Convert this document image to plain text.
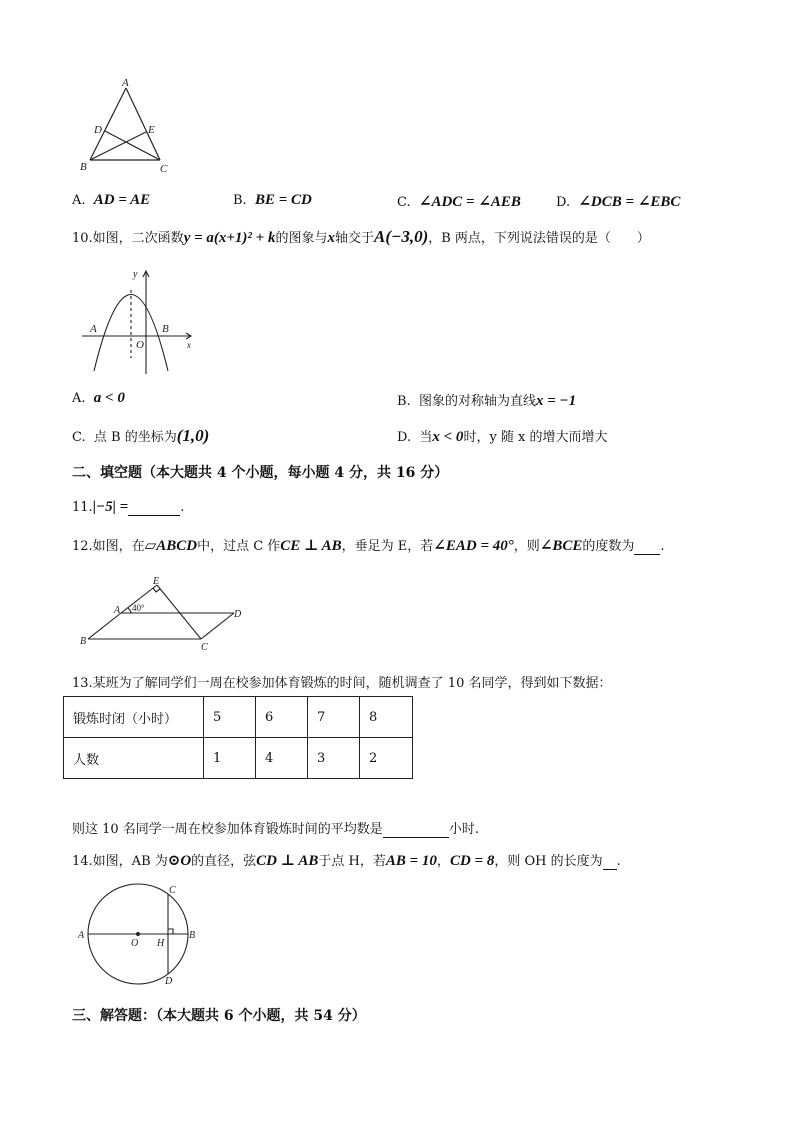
A
D	E
B	C
A. AD = AE	B. BE = CD	C. ∠ADC = ∠AEB	D. ∠DCB = ∠EBC
10.如图，二次函数y = a(x+1)² + k的图象与x轴交于A(−3,0)，B 两点，下列说法错误的是（　　）
y
x
A	B
O
A. a < 0	B. 图象的对称轴为直线x = −1
C. 点 B 的坐标为(1,0)	D. 当x < 0时，y 随 x 的增大而增大
二、填空题（本大题共 4 个小题，每小题 4 分，共 16 分）
11.|−5| =	.
12.如图，在▱ABCD中，过点 C 作CE ⊥ AB，垂足为 E，若∠EAD = 40°，则∠BCE的度数为 .
E
A	D
B
C
40°
13.某班为了解同学们一周在校参加体育锻炼的时间，随机调查了 10 名同学，得到如下数据：
锻炼时闭（小时）	5	6	7	8
人数	1	4	3	2
则这 10 名同学一周在校参加体育锻炼时间的平均数是	小时.
14.如图，AB 为⊙O的直径，弦CD ⊥ AB于点 H，若AB = 10，CD = 8，则 OH 的长度为 .
A	B
C
D
O H
三、解答题：（本大题共 6 个小题，共 54 分）
